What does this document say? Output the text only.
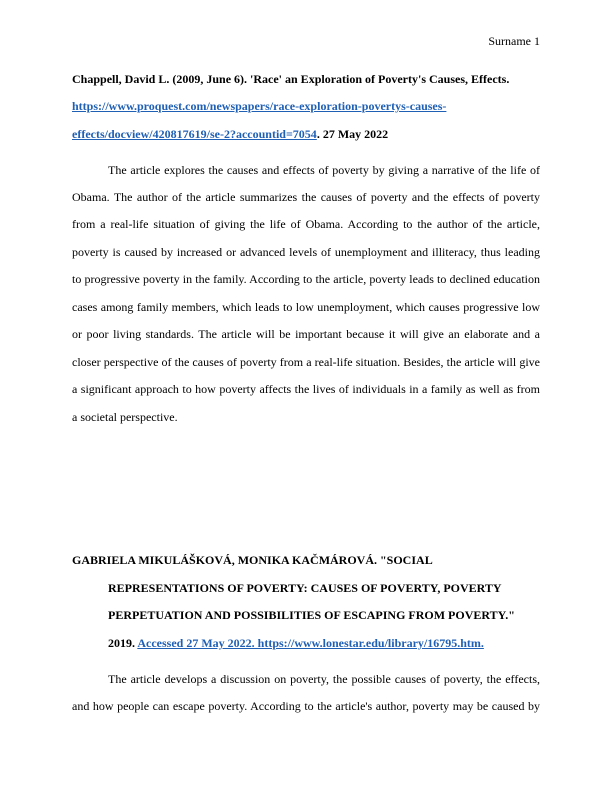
Surname 1
Chappell, David L. (2009, June 6). 'Race' an Exploration of Poverty's Causes, Effects.
https://www.proquest.com/newspapers/race-exploration-povertys-causes-
effects/docview/420817619/se-2?accountid=7054. 27 May 2022
The article explores the causes and effects of poverty by giving a narrative of the life of
Obama. The author of the article summarizes the causes of poverty and the effects of poverty
from a real-life situation of giving the life of Obama. According to the author of the article,
poverty is caused by increased or advanced levels of unemployment and illiteracy, thus leading
to progressive poverty in the family. According to the article, poverty leads to declined education
cases among family members, which leads to low unemployment, which causes progressive low
or poor living standards. The article will be important because it will give an elaborate and a
closer perspective of the causes of poverty from a real-life situation. Besides, the article will give
a significant approach to how poverty affects the lives of individuals in a family as well as from
a societal perspective.
GABRIELA MIKULÁŠKOVÁ, MONIKA KAČMÁROVÁ. "SOCIAL
REPRESENTATIONS OF POVERTY: CAUSES OF POVERTY, POVERTY
PERPETUATION AND POSSIBILITIES OF ESCAPING FROM POVERTY."
2019. Accessed 27 May 2022. https://www.lonestar.edu/library/16795.htm.
The article develops a discussion on poverty, the possible causes of poverty, the effects,
and how people can escape poverty. According to the article's author, poverty may be caused by
